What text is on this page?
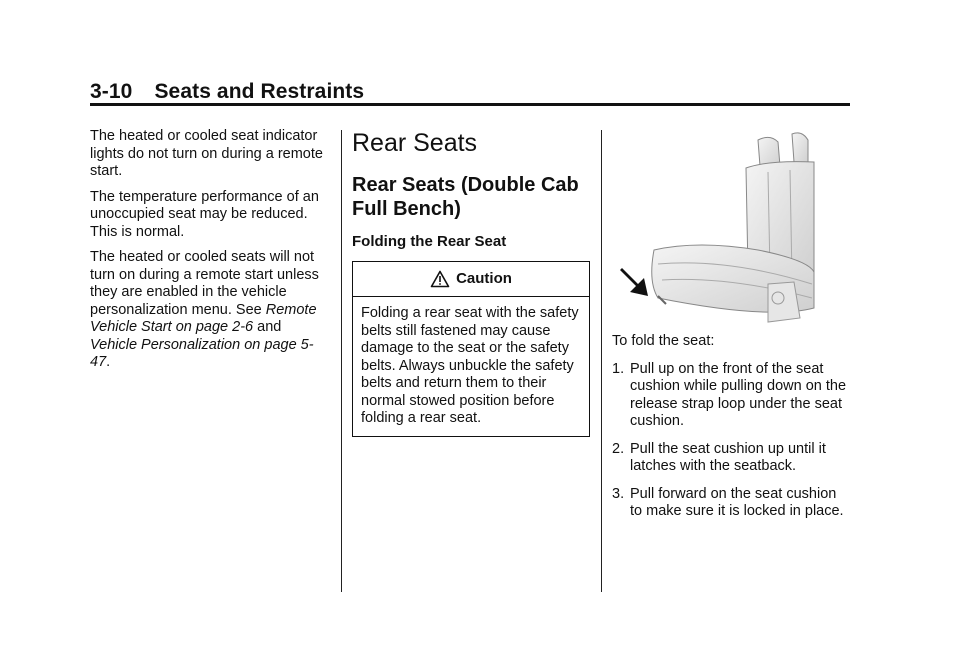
3-10 Seats and Restraints

The heated or cooled seat indicator lights do not turn on during a remote start.

The temperature performance of an unoccupied seat may be reduced. This is normal.

The heated or cooled seats will not turn on during a remote start unless they are enabled in the vehicle personalization menu. See Remote Vehicle Start on page 2-6 and Vehicle Personalization on page 5-47.

Rear Seats
Rear Seats (Double Cab Full Bench)
Folding the Rear Seat
Caution
Folding a rear seat with the safety belts still fastened may cause damage to the seat or the safety belts. Always unbuckle the safety belts and return them to their normal stowed position before folding a rear seat.

To fold the seat:

1. Pull up on the front of the seat cushion while pulling down on the release strap loop under the seat cushion.
2. Pull the seat cushion up until it latches with the seatback.
3. Pull forward on the seat cushion to make sure it is locked in place.
